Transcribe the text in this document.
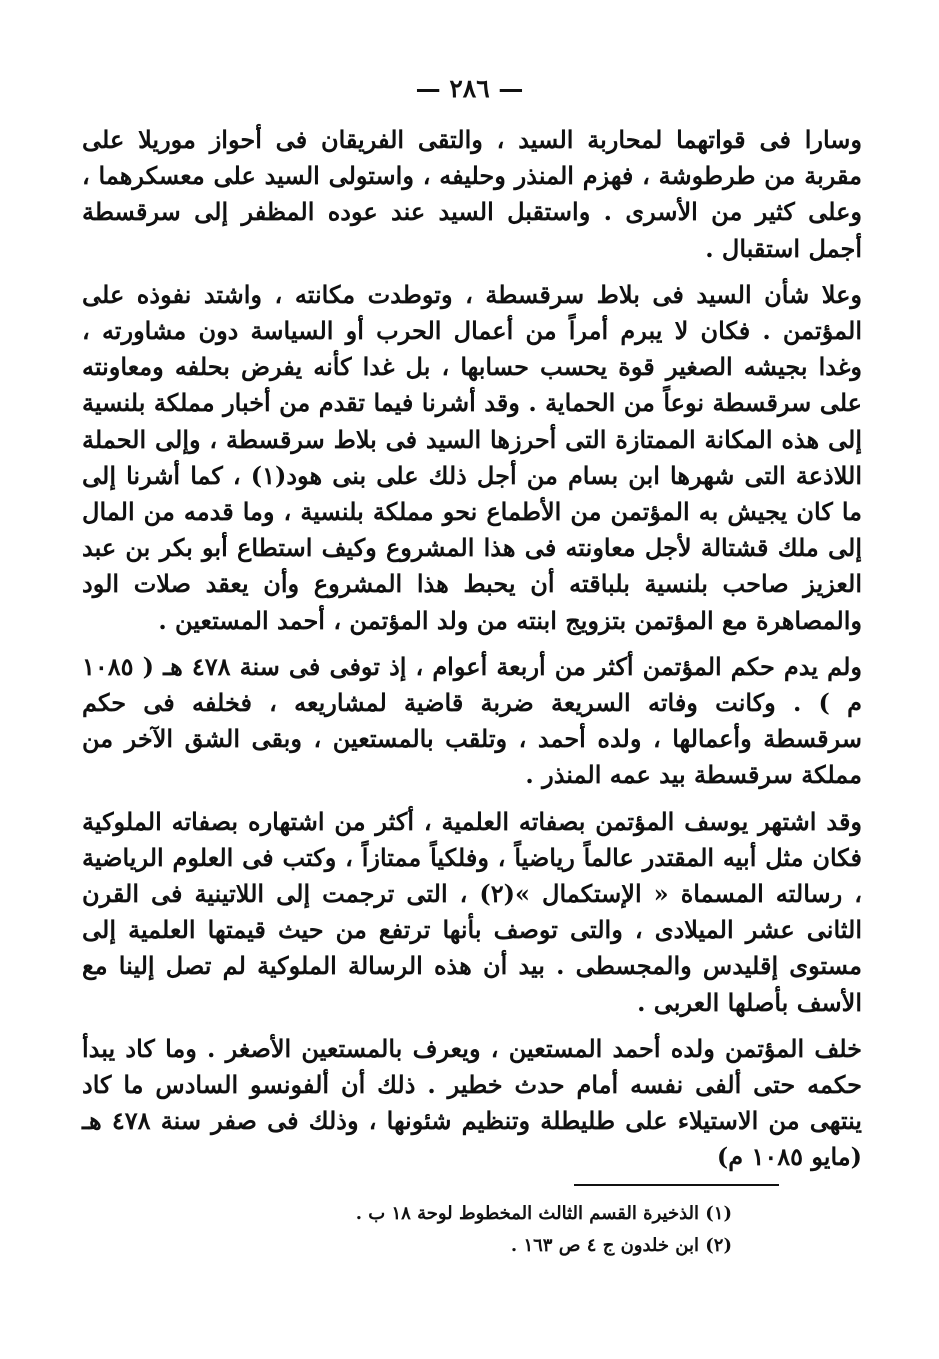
— ٢٨٦ —

وسارا فى قواتهما لمحاربة السيد ، والتقى الفريقان فى أحواز موريلا على مقربة من طرطوشة ، فهزم المنذر وحليفه ، واستولى السيد على معسكرهما ، وعلى كثير من الأسرى . واستقبل السيد عند عوده المظفر إلى سرقسطة أجمل استقبال .

وعلا شأن السيد فى بلاط سرقسطة ، وتوطدت مكانته ، واشتد نفوذه على المؤتمن . فكان لا يبرم أمراً من أعمال الحرب أو السياسة دون مشاورته ، وغدا بجيشه الصغير قوة يحسب حسابها ، بل غدا كأنه يفرض بحلفه ومعاونته على سرقسطة نوعاً من الحماية . وقد أشرنا فيما تقدم من أخبار مملكة بلنسية إلى هذه المكانة الممتازة التى أحرزها السيد فى بلاط سرقسطة ، وإلى الحملة اللاذعة التى شهرها ابن بسام من أجل ذلك على بنى هود(١) ، كما أشرنا إلى ما كان يجيش به المؤتمن من الأطماع نحو مملكة بلنسية ، وما قدمه من المال إلى ملك قشتالة لأجل معاونته فى هذا المشروع وكيف استطاع أبو بكر بن عبد العزيز صاحب بلنسية بلباقته أن يحبط هذا المشروع وأن يعقد صلات الود والمصاهرة مع المؤتمن بتزويج ابنته من ولد المؤتمن ، أحمد المستعين .

ولم يدم حكم المؤتمن أكثر من أربعة أعوام ، إذ توفى فى سنة ٤٧٨ هـ ( ١٠٨٥ م ) . وكانت وفاته السريعة ضربة قاضية لمشاريعه ، فخلفه فى حكم سرقسطة وأعمالها ، ولده أحمد ، وتلقب بالمستعين ، وبقى الشق الآخر من مملكة سرقسطة بيد عمه المنذر .

وقد اشتهر يوسف المؤتمن بصفاته العلمية ، أكثر من اشتهاره بصفاته الملوكية فكان مثل أبيه المقتدر عالماً رياضياً ، وفلكياً ممتازاً ، وكتب فى العلوم الرياضية ، رسالته المسماة « الإستكمال »(٢) ، التى ترجمت إلى اللاتينية فى القرن الثانى عشر الميلادى ، والتى توصف بأنها ترتفع من حيث قيمتها العلمية إلى مستوى إقليدس والمجسطى . بيد أن هذه الرسالة الملوكية لم تصل إلينا مع الأسف بأصلها العربى .

خلف المؤتمن ولده أحمد المستعين ، ويعرف بالمستعين الأصغر . وما كاد يبدأ حكمه حتى ألفى نفسه أمام حدث خطير . ذلك أن ألفونسو السادس ما كاد ينتهى من الاستيلاء على طليطلة وتنظيم شئونها ، وذلك فى صفر سنة ٤٧٨ هـ (مايو ١٠٨٥ م)

(١) الذخيرة القسم الثالث المخطوط لوحة ١٨ ب .

(٢) ابن خلدون ج ٤ ص ١٦٣ .
